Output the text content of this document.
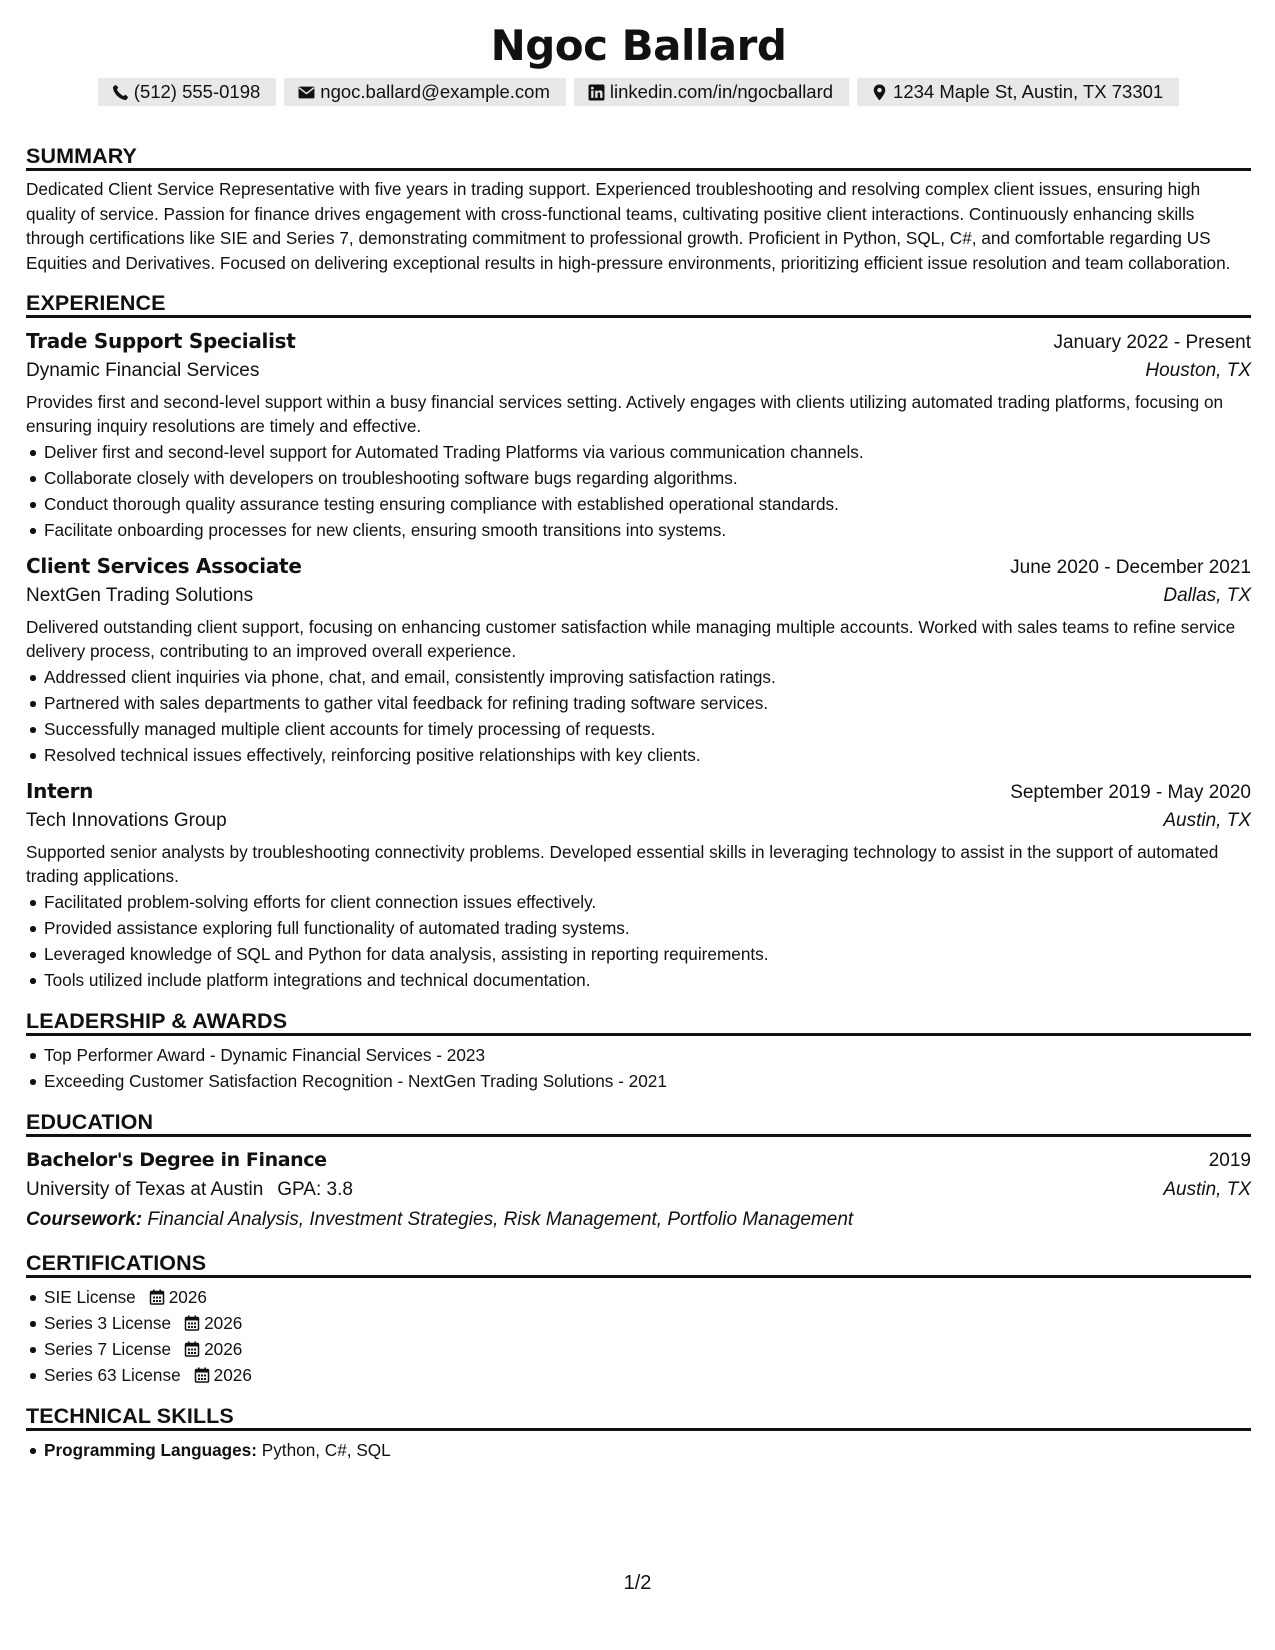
Ngoc Ballard
(512) 555-0198	ngoc.ballard@example.com	linkedin.com/in/ngocballard	1234 Maple St, Austin, TX 73301
SUMMARY
Dedicated Client Service Representative with five years in trading support. Experienced troubleshooting and resolving complex client issues, ensuring high quality of service. Passion for finance drives engagement with cross-functional teams, cultivating positive client interactions. Continuously enhancing skills through certifications like SIE and Series 7, demonstrating commitment to professional growth. Proficient in Python, SQL, C#, and comfortable regarding US Equities and Derivatives. Focused on delivering exceptional results in high-pressure environments, prioritizing efficient issue resolution and team collaboration.
EXPERIENCE
Trade Support Specialist	January 2022 - Present
Dynamic Financial Services	Houston, TX
Provides first and second-level support within a busy financial services setting. Actively engages with clients utilizing automated trading platforms, focusing on ensuring inquiry resolutions are timely and effective.
Deliver first and second-level support for Automated Trading Platforms via various communication channels.
Collaborate closely with developers on troubleshooting software bugs regarding algorithms.
Conduct thorough quality assurance testing ensuring compliance with established operational standards.
Facilitate onboarding processes for new clients, ensuring smooth transitions into systems.
Client Services Associate	June 2020 - December 2021
NextGen Trading Solutions	Dallas, TX
Delivered outstanding client support, focusing on enhancing customer satisfaction while managing multiple accounts. Worked with sales teams to refine service delivery process, contributing to an improved overall experience.
Addressed client inquiries via phone, chat, and email, consistently improving satisfaction ratings.
Partnered with sales departments to gather vital feedback for refining trading software services.
Successfully managed multiple client accounts for timely processing of requests.
Resolved technical issues effectively, reinforcing positive relationships with key clients.
Intern	September 2019 - May 2020
Tech Innovations Group	Austin, TX
Supported senior analysts by troubleshooting connectivity problems. Developed essential skills in leveraging technology to assist in the support of automated trading applications.
Facilitated problem-solving efforts for client connection issues effectively.
Provided assistance exploring full functionality of automated trading systems.
Leveraged knowledge of SQL and Python for data analysis, assisting in reporting requirements.
Tools utilized include platform integrations and technical documentation.
LEADERSHIP & AWARDS
Top Performer Award - Dynamic Financial Services - 2023
Exceeding Customer Satisfaction Recognition - NextGen Trading Solutions - 2021
EDUCATION
Bachelor's Degree in Finance	2019
University of Texas at Austin GPA: 3.8	Austin, TX
Coursework: Financial Analysis, Investment Strategies, Risk Management, Portfolio Management
CERTIFICATIONS
SIE License 2026
Series 3 License 2026
Series 7 License 2026
Series 63 License 2026
TECHNICAL SKILLS
Programming Languages: Python, C#, SQL
1/2
